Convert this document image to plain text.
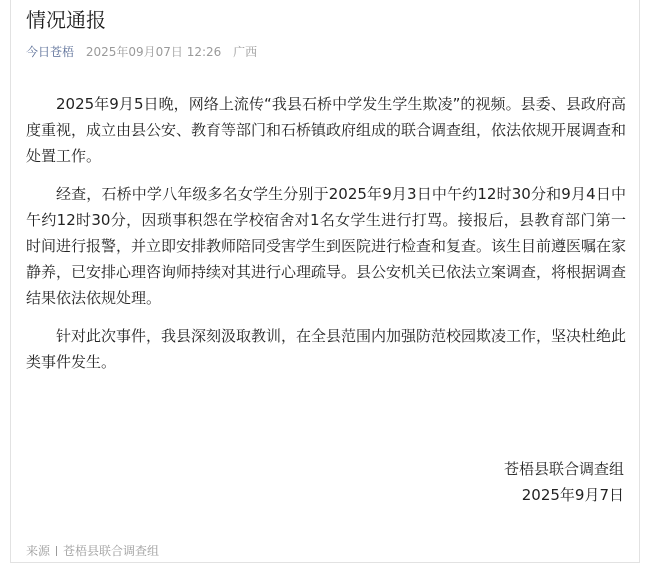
情况通报
今日苍梧 2025年09月07日 12:26 广西

2025年9月5日晚，网络上流传“我县石桥中学发生学生欺凌”的视频。县委、县政府高度重视，成立由县公安、教育等部门和石桥镇政府组成的联合调查组，依法依规开展调查和处置工作。

经查，石桥中学八年级多名女学生分别于2025年9月3日中午约12时30分和9月4日中午约12时30分，因琐事积怨在学校宿舍对1名女学生进行打骂。接报后，县教育部门第一时间进行报警，并立即安排教师陪同受害学生到医院进行检查和复查。该生目前遵医嘱在家静养，已安排心理咨询师持续对其进行心理疏导。县公安机关已依法立案调查，将根据调查结果依法依规处理。

针对此次事件，我县深刻汲取教训，在全县范围内加强防范校园欺凌工作，坚决杜绝此类事件发生。

苍梧县联合调查组
2025年9月7日
来源 苍梧县联合调查组
